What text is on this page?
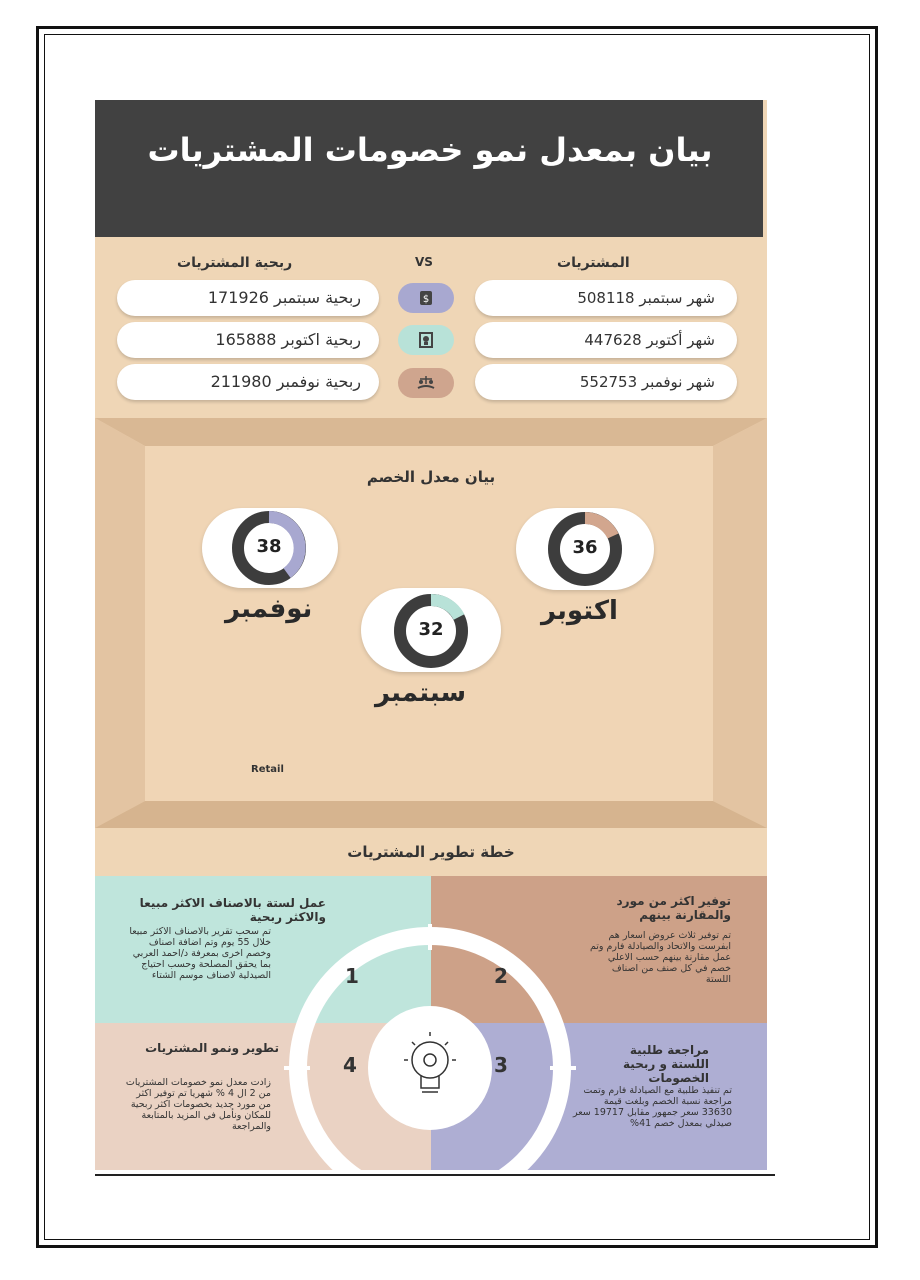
بيان بمعدل نمو خصومات المشتريات
ربحية المشتريات	VS	المشتريات
ربحية سبتمبر 171926	$	شهر سبتمبر 508118
ربحية اكتوبر 165888	شهر أكتوبر 447628
ربحية نوفمبر 211980	شهر نوفمبر 552753
بيان معدل الخصم
38
نوفمبر
36
اكتوبر
32
سبتمبر
Retail
خطة تطوير المشتريات
عمل لستة بالاصناف الاكثر مبيعا والاكثر ربحية
تم سحب تقرير بالاصناف الاكثر مبيعا خلال 55 يوم وتم اضافة اصناف وخصم اخرى بمعرفة د/احمد العربي بما يحقق المصلحة وحسب احتياج الصيدلية لاصناف موسم الشتاء
توفير اكثر من مورد والمقارنة بينهم
تم توفير ثلاث عروض اسعار هم ابفرست والاتحاد والصيادلة فارم وتم عمل مقارنة بينهم حسب الاعلي خصم في كل صنف من اصناف اللستة
تطوير ونمو المشتريات
زادت معدل نمو خصومات المشتريات من 2 ال 4 % شهريا تم توفير اكثر من مورد جديد بخصومات اكثر ربحية للمكان ونأمل في المزيد بالمتابعة والمراجعة
مراجعة طلبية اللستة و ربحية الخصومات
تم تنفيذ طلبية مع الصيادلة فارم وتمت مراجعة نسبة الخصم وبلغت قيمة 33630 سعر جمهور مقابل 19717 سعر صيدلي بمعدل خصم 41%
1	2
3
4
